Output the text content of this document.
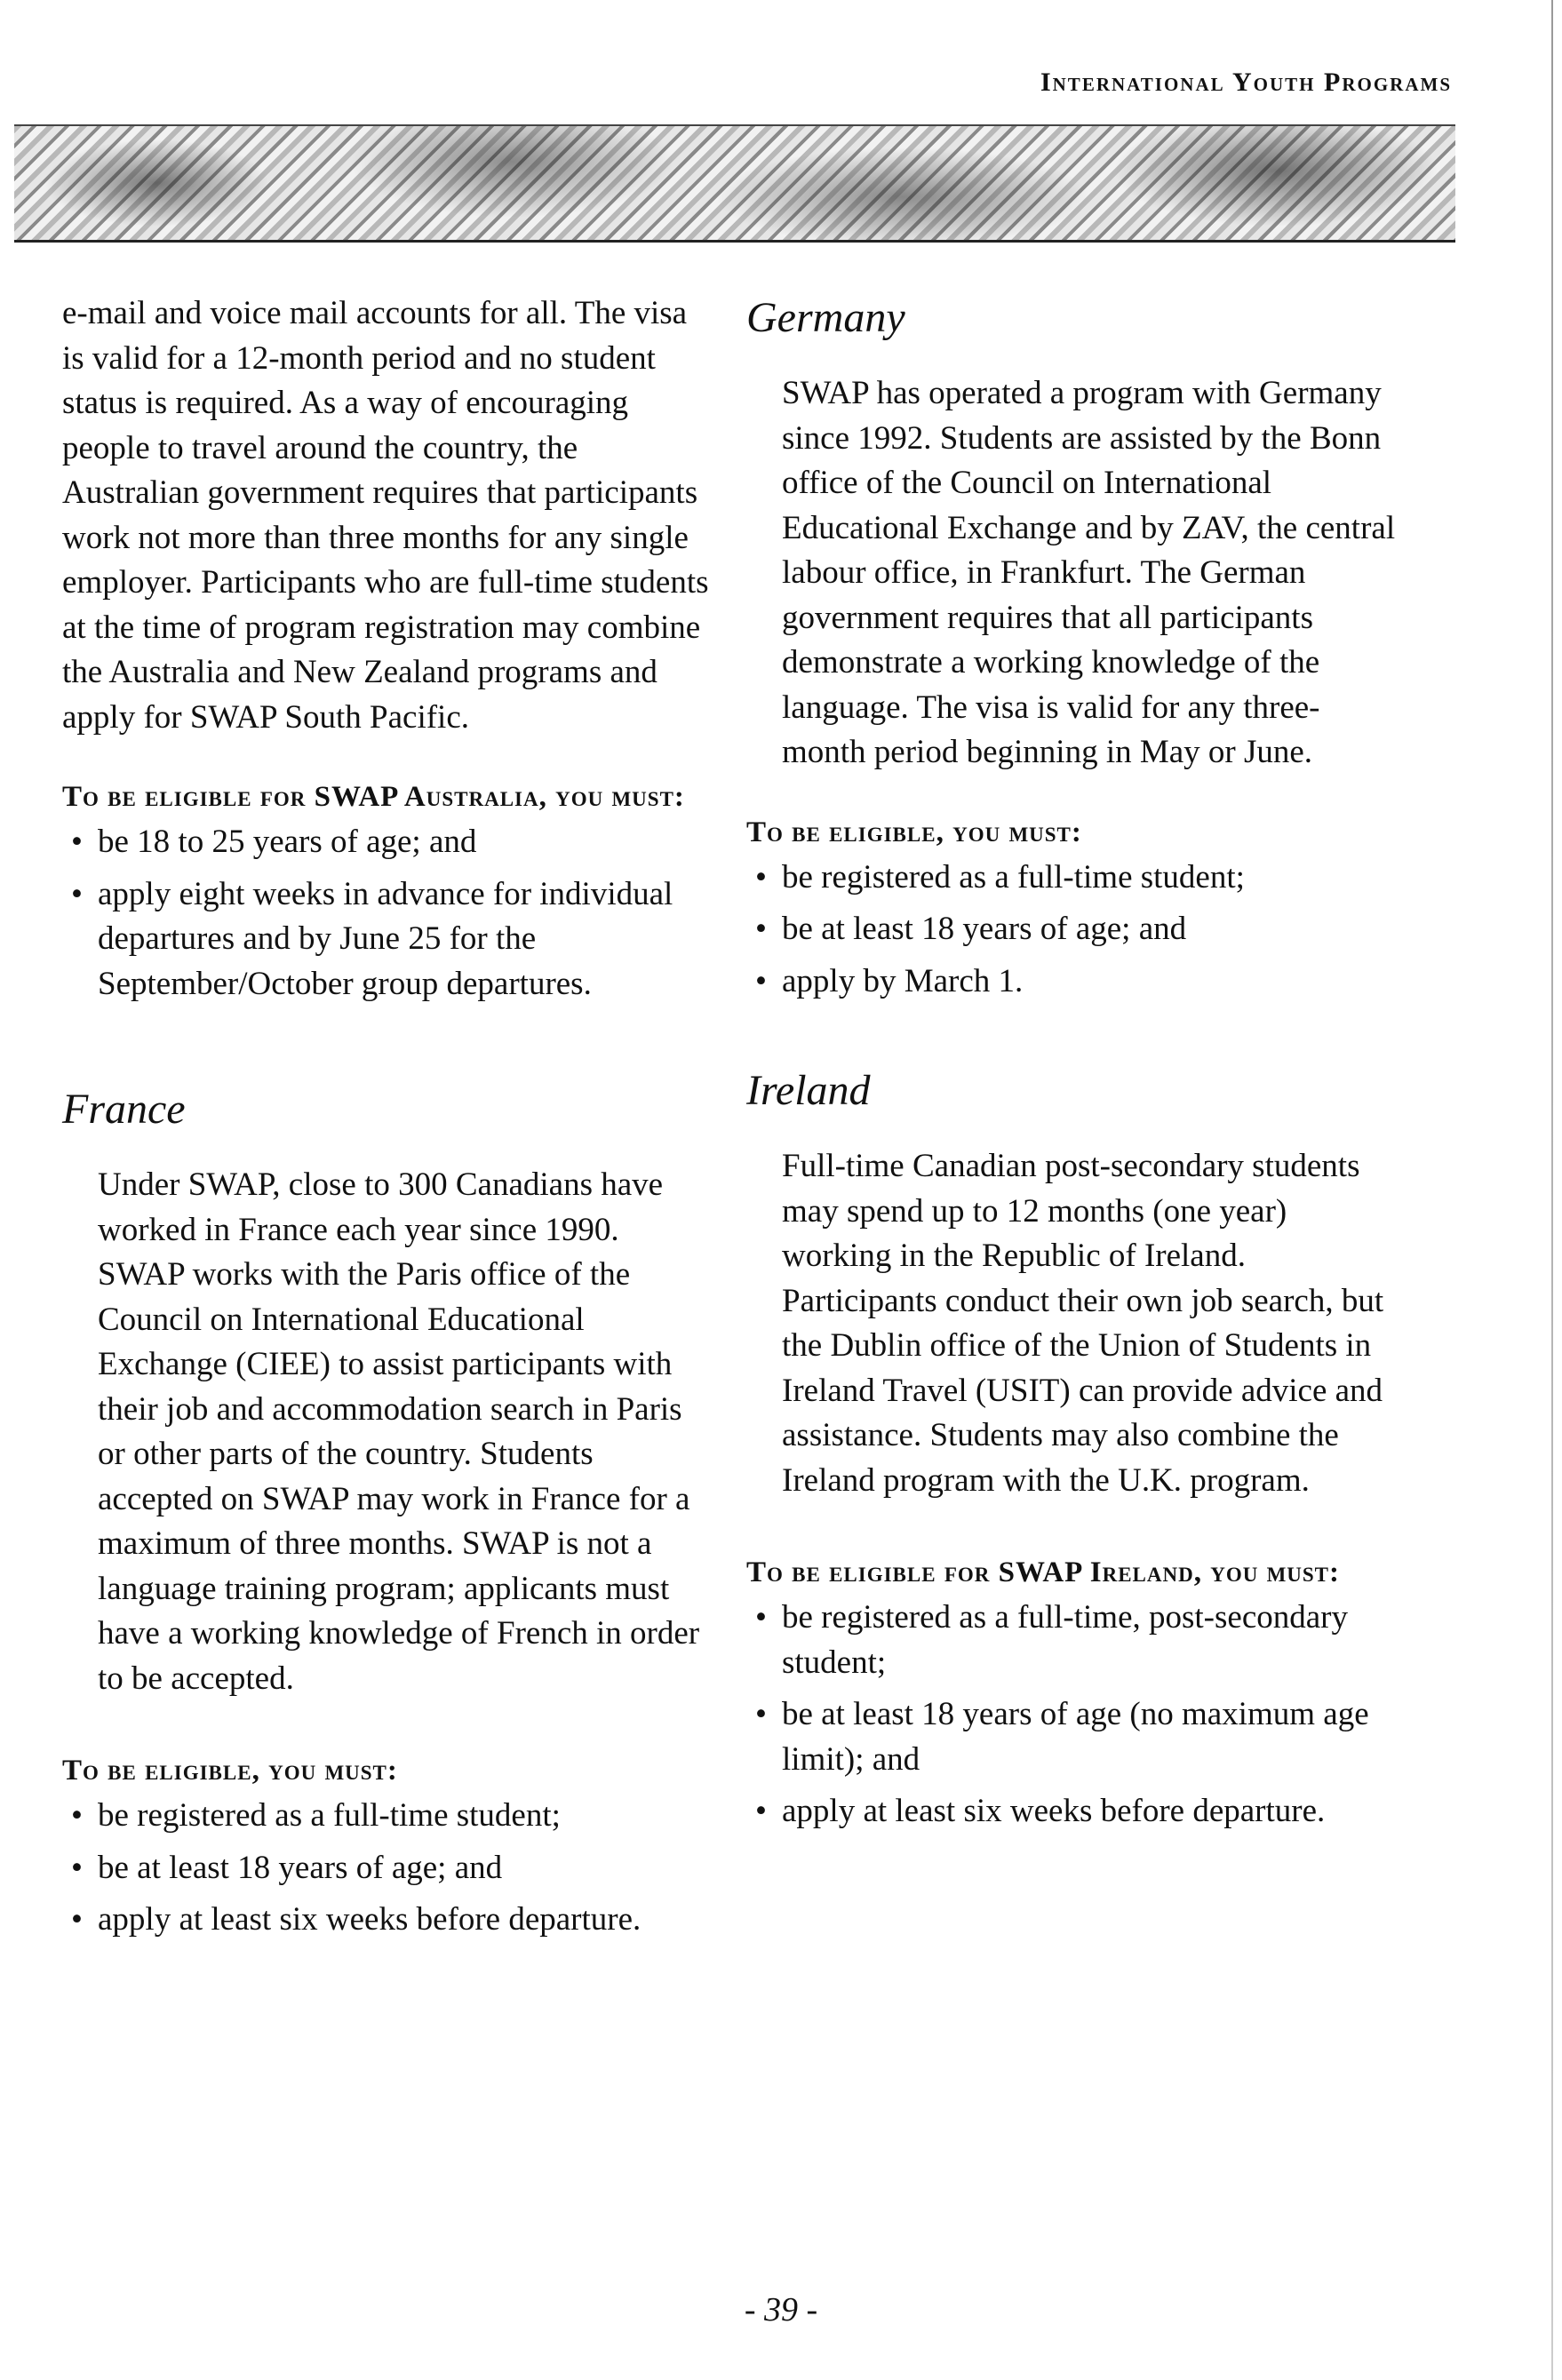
International Youth Programs

e-mail and voice mail accounts for all. The visa is valid for a 12-month period and no student status is required. As a way of encouraging people to travel around the country, the Australian government requires that participants work not more than three months for any single employer. Participants who are full-time students at the time of program registration may combine the Australia and New Zealand programs and apply for SWAP South Pacific.

To be eligible for SWAP Australia, you must:

• be 18 to 25 years of age; and
• apply eight weeks in advance for individual departures and by June 25 for the September/October group departures.
France

Under SWAP, close to 300 Canadians have worked in France each year since 1990. SWAP works with the Paris office of the Council on International Educational Exchange (CIEE) to assist participants with their job and accommodation search in Paris or other parts of the country. Students accepted on SWAP may work in France for a maximum of three months. SWAP is not a language training program; applicants must have a working knowledge of French in order to be accepted.

To be eligible, you must:

• be registered as a full-time student;
• be at least 18 years of age; and
• apply at least six weeks before departure.
Germany

SWAP has operated a program with Germany since 1992. Students are assisted by the Bonn office of the Council on International Educational Exchange and by ZAV, the central labour office, in Frankfurt. The German government requires that all participants demonstrate a working knowledge of the language. The visa is valid for any three-month period beginning in May or June.

To be eligible, you must:

• be registered as a full-time student;
• be at least 18 years of age; and
• apply by March 1.
Ireland

Full-time Canadian post-secondary students may spend up to 12 months (one year) working in the Republic of Ireland. Participants conduct their own job search, but the Dublin office of the Union of Students in Ireland Travel (USIT) can provide advice and assistance. Students may also combine the Ireland program with the U.K. program.

To be eligible for SWAP Ireland, you must:

• be registered as a full-time, post-secondary student;
• be at least 18 years of age (no maximum age limit); and
• apply at least six weeks before departure.
- 39 -
